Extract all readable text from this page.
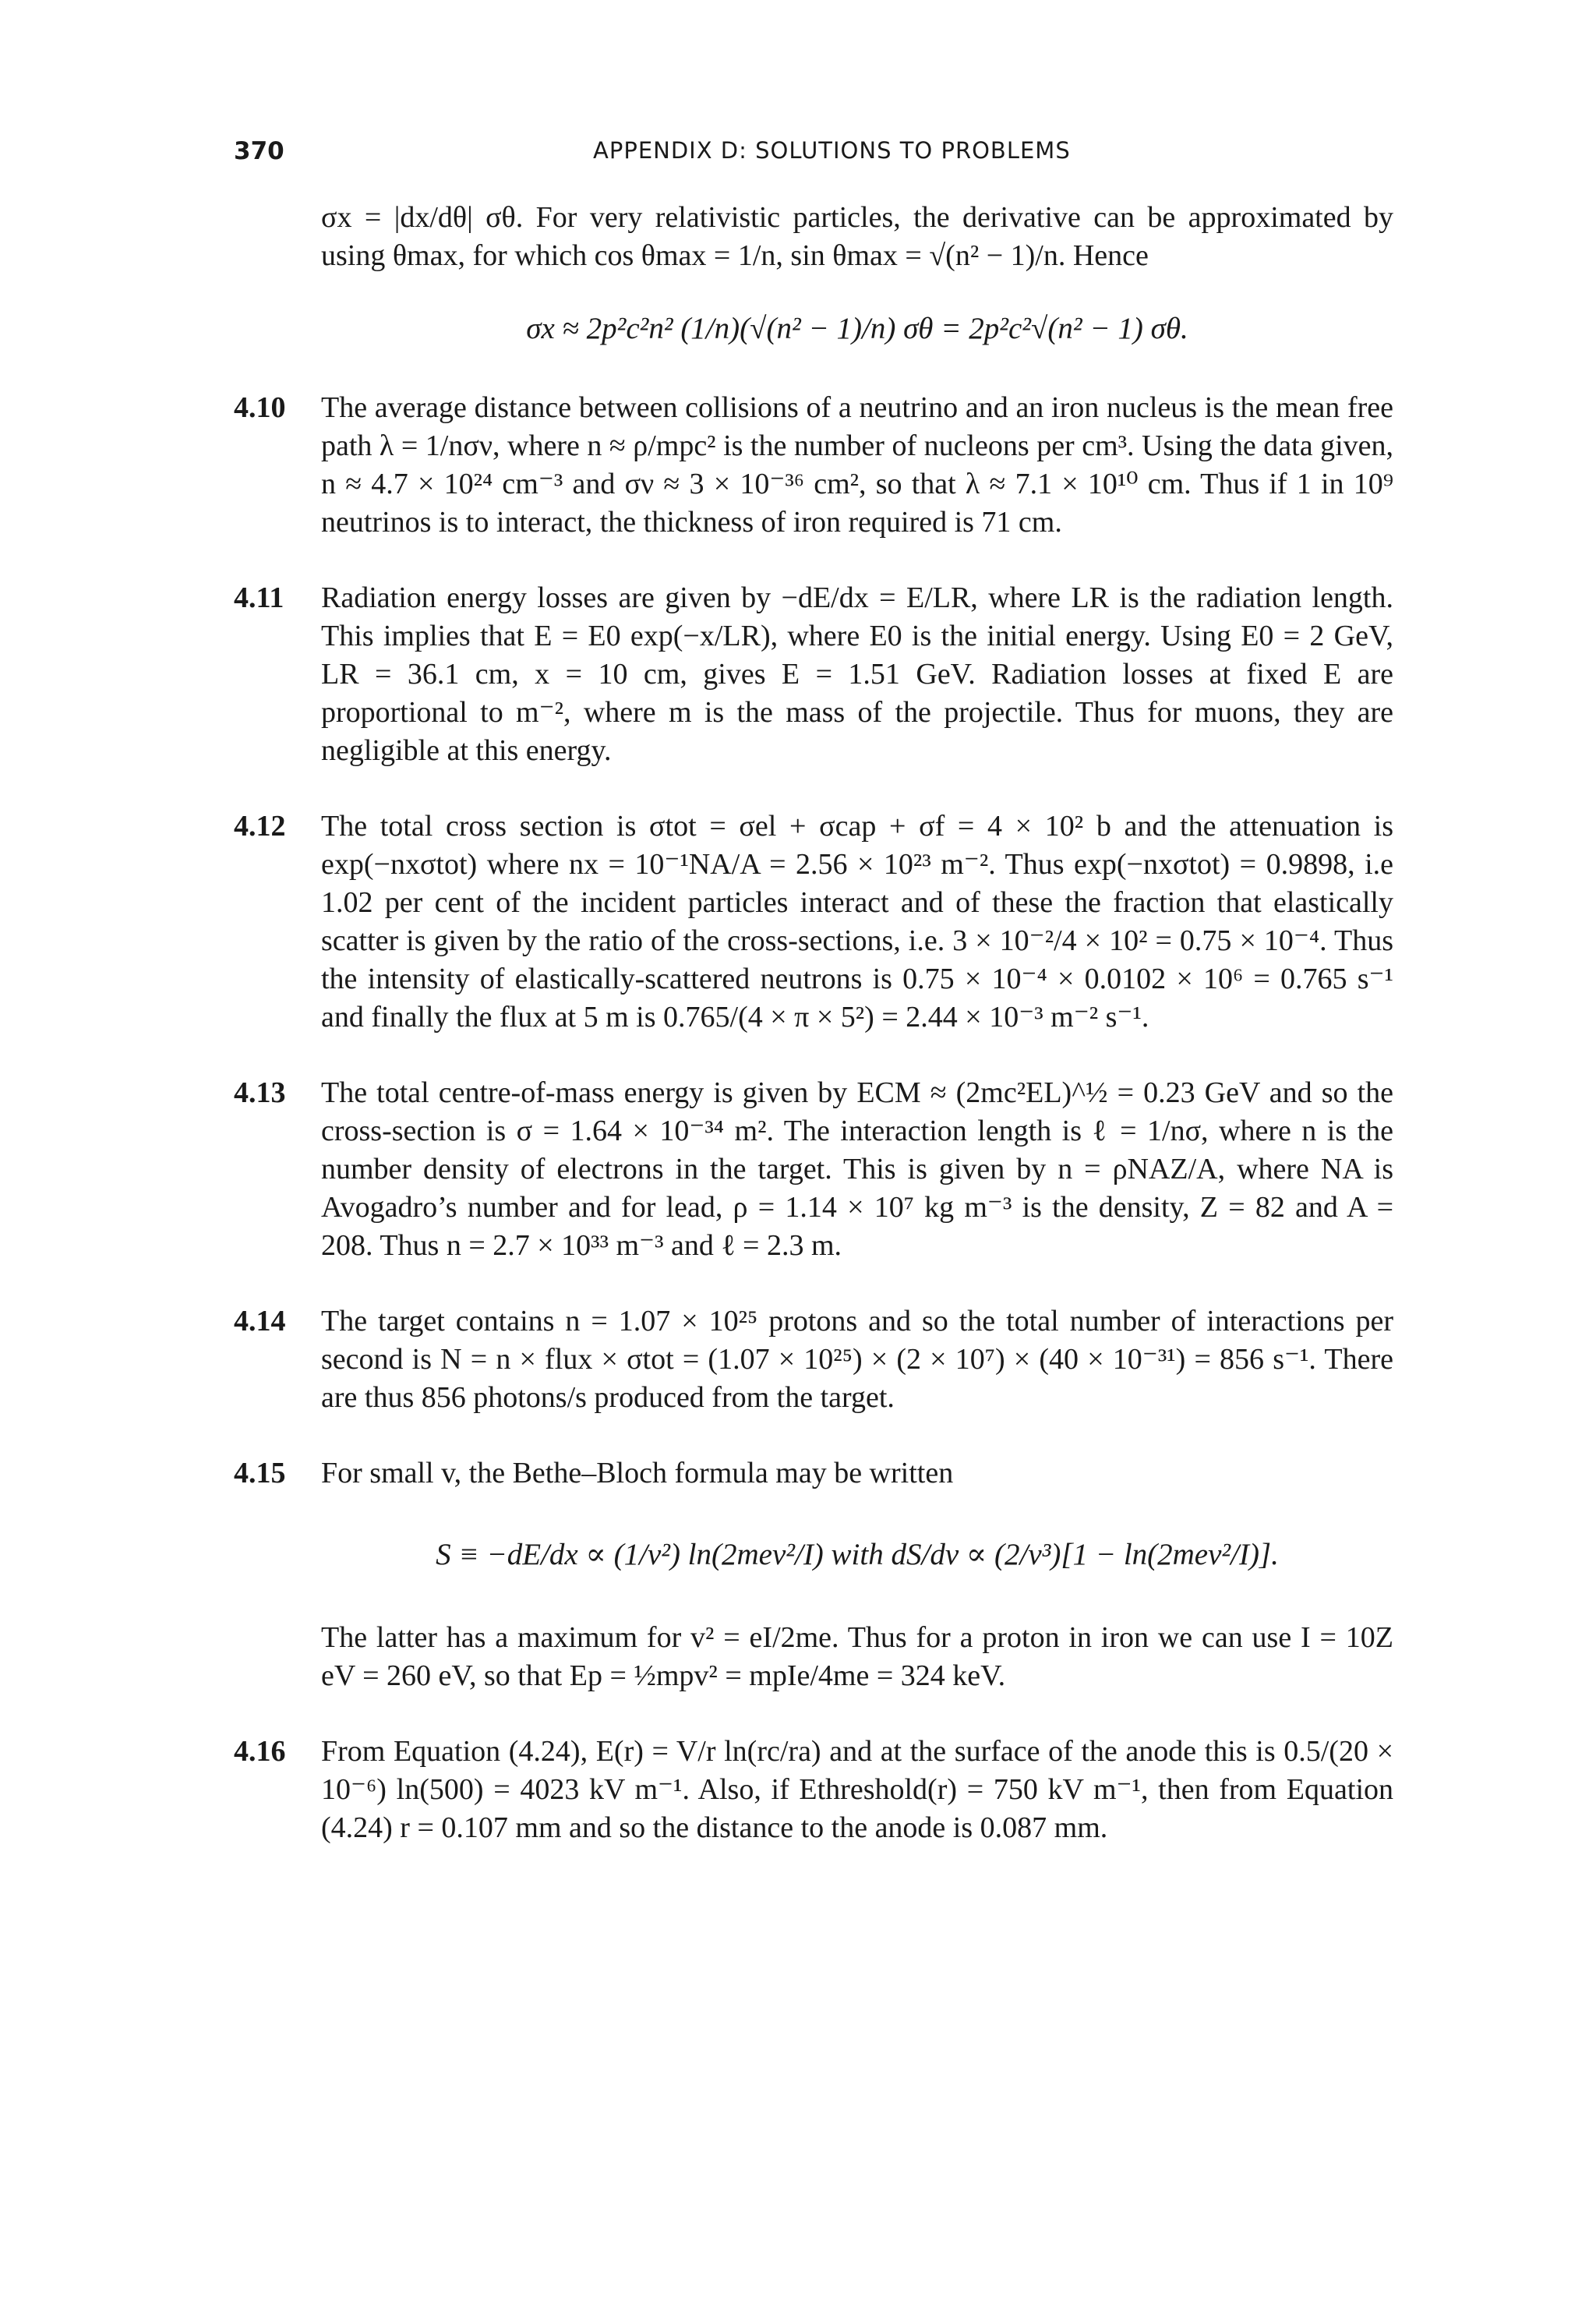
370	APPENDIX D: SOLUTIONS TO PROBLEMS

σx = |dx/dθ| σθ. For very relativistic particles, the derivative can be approximated by using θmax, for which cos θmax = 1/n, sin θmax = √(n² − 1)/n. Hence

σx ≈ 2p²c²n² (1/n)(√(n² − 1)/n) σθ = 2p²c²√(n² − 1) σθ.
4.10	The average distance between collisions of a neutrino and an iron nucleus is the mean free path λ = 1/nσν, where n ≈ ρ/mpc² is the number of nucleons per cm³. Using the data given, n ≈ 4.7 × 10²⁴ cm⁻³ and σν ≈ 3 × 10⁻³⁶ cm², so that λ ≈ 7.1 × 10¹⁰ cm. Thus if 1 in 10⁹ neutrinos is to interact, the thickness of iron required is 71 cm.

4.11	Radiation energy losses are given by −dE/dx = E/LR, where LR is the radiation length. This implies that E = E0 exp(−x/LR), where E0 is the initial energy. Using E0 = 2 GeV, LR = 36.1 cm, x = 10 cm, gives E = 1.51 GeV. Radiation losses at fixed E are proportional to m⁻², where m is the mass of the projectile. Thus for muons, they are negligible at this energy.

4.12	The total cross section is σtot = σel + σcap + σf = 4 × 10² b and the attenuation is exp(−nxσtot) where nx = 10⁻¹NA/A = 2.56 × 10²³ m⁻². Thus exp(−nxσtot) = 0.9898, i.e 1.02 per cent of the incident particles interact and of these the fraction that elastically scatter is given by the ratio of the cross-sections, i.e. 3 × 10⁻²/4 × 10² = 0.75 × 10⁻⁴. Thus the intensity of elastically-scattered neutrons is 0.75 × 10⁻⁴ × 0.0102 × 10⁶ = 0.765 s⁻¹ and finally the flux at 5 m is 0.765/(4 × π × 5²) = 2.44 × 10⁻³ m⁻² s⁻¹.

4.13	The total centre-of-mass energy is given by ECM ≈ (2mc²EL)^½ = 0.23 GeV and so the cross-section is σ = 1.64 × 10⁻³⁴ m². The interaction length is ℓ = 1/nσ, where n is the number density of electrons in the target. This is given by n = ρNAZ/A, where NA is Avogadro’s number and for lead, ρ = 1.14 × 10⁷ kg m⁻³ is the density, Z = 82 and A = 208. Thus n = 2.7 × 10³³ m⁻³ and ℓ = 2.3 m.

4.14	The target contains n = 1.07 × 10²⁵ protons and so the total number of interactions per second is N = n × flux × σtot = (1.07 × 10²⁵) × (2 × 10⁷) × (40 × 10⁻³¹) = 856 s⁻¹. There are thus 856 photons/s produced from the target.

4.15	For small v, the Bethe–Bloch formula may be written

S ≡ −dE/dx ∝ (1/v²) ln(2mev²/I) with dS/dv ∝ (2/v³)[1 − ln(2mev²/I)].

The latter has a maximum for v² = eI/2me. Thus for a proton in iron we can use I = 10Z eV = 260 eV, so that Ep = ½mpv² = mpIe/4me = 324 keV.

4.16	From Equation (4.24), E(r) = V/r ln(rc/ra) and at the surface of the anode this is 0.5/(20 × 10⁻⁶) ln(500) = 4023 kV m⁻¹. Also, if Ethreshold(r) = 750 kV m⁻¹, then from Equation (4.24) r = 0.107 mm and so the distance to the anode is 0.087 mm.
